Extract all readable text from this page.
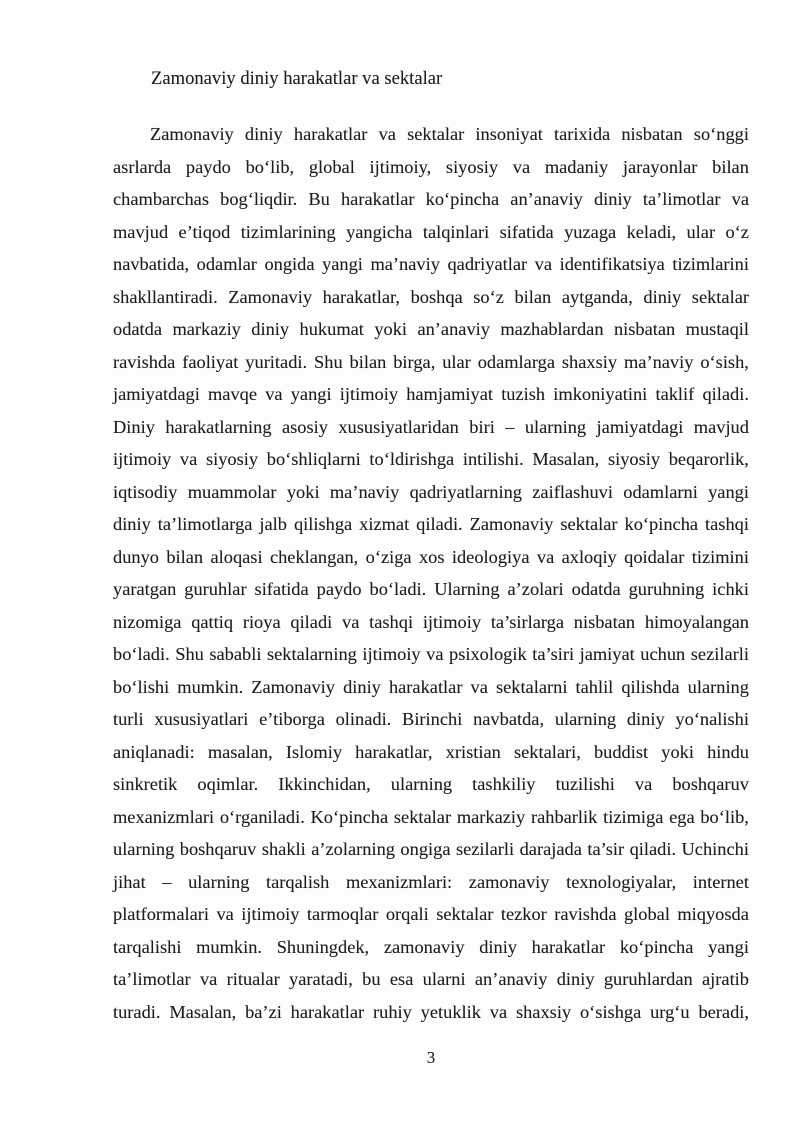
Zamonaviy diniy harakatlar va sektalar
Zamonaviy diniy harakatlar va sektalar insoniyat tarixida nisbatan so‘nggi
asrlarda paydo bo‘lib, global ijtimoiy, siyosiy va madaniy jarayonlar bilan
chambarchas bog‘liqdir. Bu harakatlar ko‘pincha an’anaviy diniy ta’limotlar va
mavjud e’tiqod tizimlarining yangicha talqinlari sifatida yuzaga keladi, ular o‘z
navbatida, odamlar ongida yangi ma’naviy qadriyatlar va identifikatsiya tizimlarini
shakllantiradi. Zamonaviy harakatlar, boshqa so‘z bilan aytganda, diniy sektalar
odatda markaziy diniy hukumat yoki an’anaviy mazhablardan nisbatan mustaqil
ravishda faoliyat yuritadi. Shu bilan birga, ular odamlarga shaxsiy ma’naviy o‘sish,
jamiyatdagi mavqe va yangi ijtimoiy hamjamiyat tuzish imkoniyatini taklif qiladi.
Diniy harakatlarning asosiy xususiyatlaridan biri – ularning jamiyatdagi mavjud
ijtimoiy va siyosiy bo‘shliqlarni to‘ldirishga intilishi. Masalan, siyosiy beqarorlik,
iqtisodiy muammolar yoki ma’naviy qadriyatlarning zaiflashuvi odamlarni yangi
diniy ta’limotlarga jalb qilishga xizmat qiladi. Zamonaviy sektalar ko‘pincha tashqi
dunyo bilan aloqasi cheklangan, o‘ziga xos ideologiya va axloqiy qoidalar tizimini
yaratgan guruhlar sifatida paydo bo‘ladi. Ularning a’zolari odatda guruhning ichki
nizomiga qattiq rioya qiladi va tashqi ijtimoiy ta’sirlarga nisbatan himoyalangan
bo‘ladi. Shu sababli sektalarning ijtimoiy va psixologik ta’siri jamiyat uchun sezilarli
bo‘lishi mumkin. Zamonaviy diniy harakatlar va sektalarni tahlil qilishda ularning
turli xususiyatlari e’tiborga olinadi. Birinchi navbatda, ularning diniy yo‘nalishi
aniqlanadi: masalan, Islomiy harakatlar, xristian sektalari, buddist yoki hindu
sinkretik oqimlar. Ikkinchidan, ularning tashkiliy tuzilishi va boshqaruv
mexanizmlari o‘rganiladi. Ko‘pincha sektalar markaziy rahbarlik tizimiga ega bo‘lib,
ularning boshqaruv shakli a’zolarning ongiga sezilarli darajada ta’sir qiladi. Uchinchi
jihat – ularning tarqalish mexanizmlari: zamonaviy texnologiyalar, internet
platformalari va ijtimoiy tarmoqlar orqali sektalar tezkor ravishda global miqyosda
tarqalishi mumkin. Shuningdek, zamonaviy diniy harakatlar ko‘pincha yangi
ta’limotlar va ritualar yaratadi, bu esa ularni an’anaviy diniy guruhlardan ajratib
turadi. Masalan, ba’zi harakatlar ruhiy yetuklik va shaxsiy o‘sishga urg‘u beradi,
3
